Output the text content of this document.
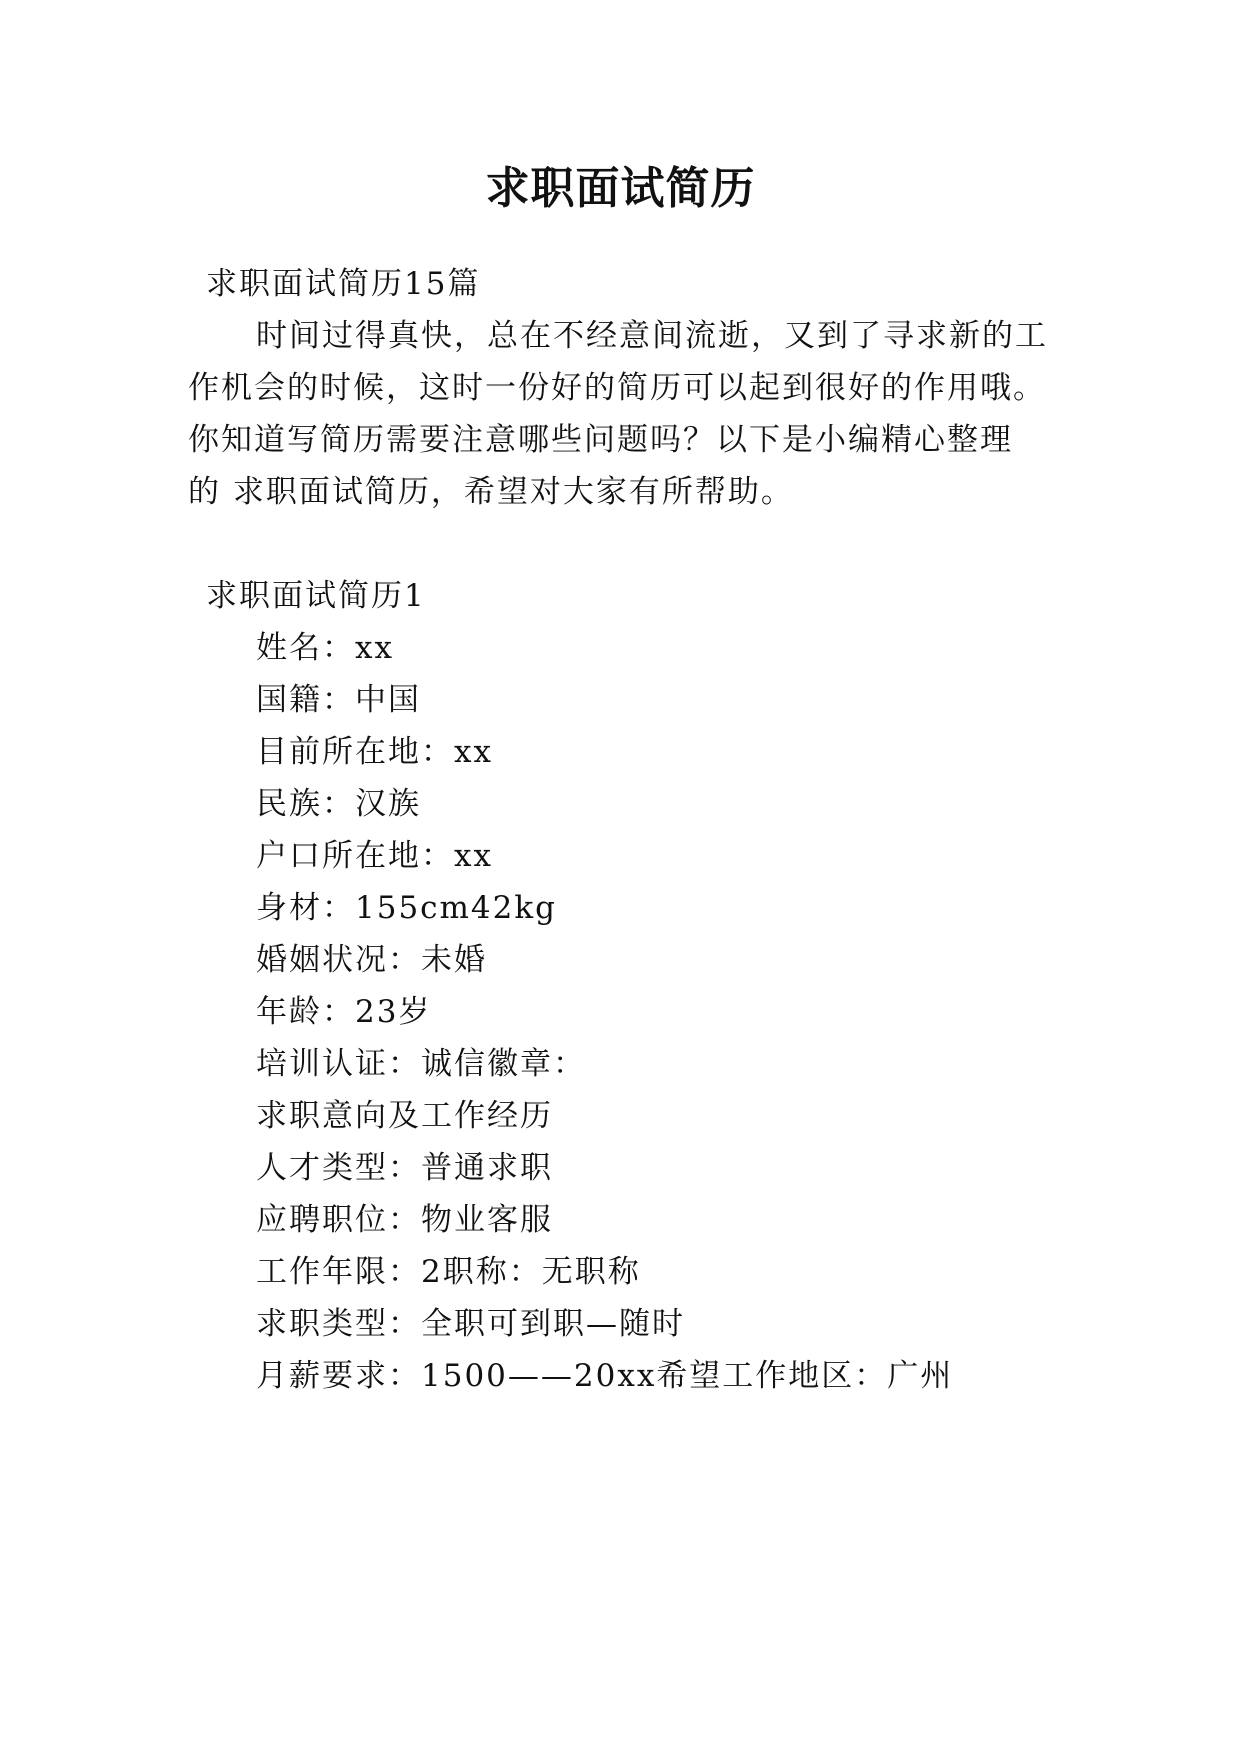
求职面试简历
求职面试简历15篇
时间过得真快，总在不经意间流逝，又到了寻求新的工
作机会的时候，这时一份好的简历可以起到很好的作用哦。
你知道写简历需要注意哪些问题吗？以下是小编精心整理
的 求职面试简历，希望对大家有所帮助。
求职面试简历1
姓名：xx
国籍：中国
目前所在地：xx
民族：汉族
户口所在地：xx
身材：155cm42kg
婚姻状况：未婚
年龄：23岁
培训认证：诚信徽章：
求职意向及工作经历
人才类型：普通求职
应聘职位：物业客服
工作年限：2职称：无职称
求职类型：全职可到职—随时
月薪要求：1500——20xx希望工作地区：广州
